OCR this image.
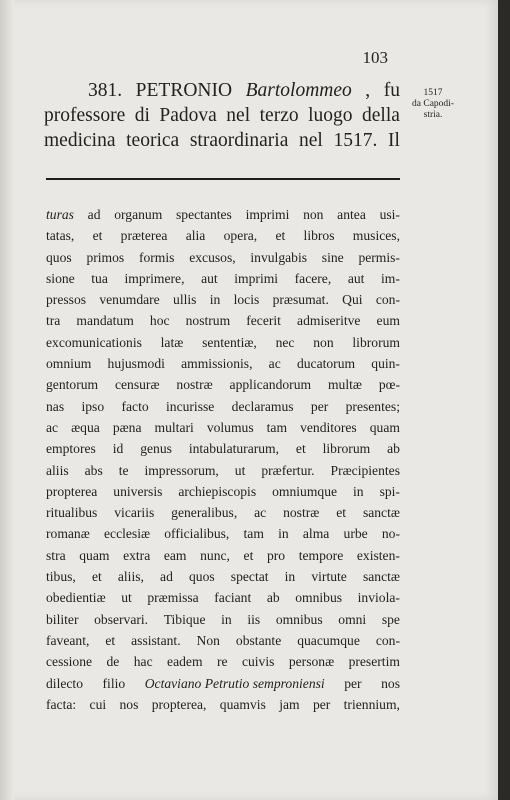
103
381. PETRONIO Bartolommeo , fu
professore di Padova nel terzo luogo della
medicina teorica straordinaria nel 1517. Il
1517
da Capodi-
stria.
turas ad organum spectantes imprimi non antea usi-
tatas, et præterea alia opera, et libros musices,
quos primos formis excusos, invulgabis sine permis-
sione tua imprimere, aut imprimi facere, aut im-
pressos venumdare ullis in locis præsumat. Qui con-
tra mandatum hoc nostrum fecerit admiseritve eum
excomunicationis latæ sententiæ, nec non librorum
omnium hujusmodi ammissionis, ac ducatorum quin-
gentorum censuræ nostræ applicandorum multæ pœ-
nas ipso facto incurisse declaramus per presentes;
ac æqua pæna multari volumus tam venditores quam
emptores id genus intabulaturarum, et librorum ab
aliis abs te impressorum, ut præfertur. Præcipientes
propterea universis archiepiscopis omniumque in spi-
ritualibus vicariis generalibus, ac nostræ et sanctæ
romanæ ecclesiæ officialibus, tam in alma urbe no-
stra quam extra eam nunc, et pro tempore existen-
tibus, et aliis, ad quos spectat in virtute sanctæ
obedientiæ ut præmissa faciant ab omnibus inviola-
biliter observari. Tibique in iis omnibus omni spe
faveant, et assistant. Non obstante quacumque con-
cessione de hac eadem re cuivis personæ presertim
dilecto filio Octaviano Petrutio semproniensi per nos
facta: cui nos propterea, quamvis jam per triennium,
